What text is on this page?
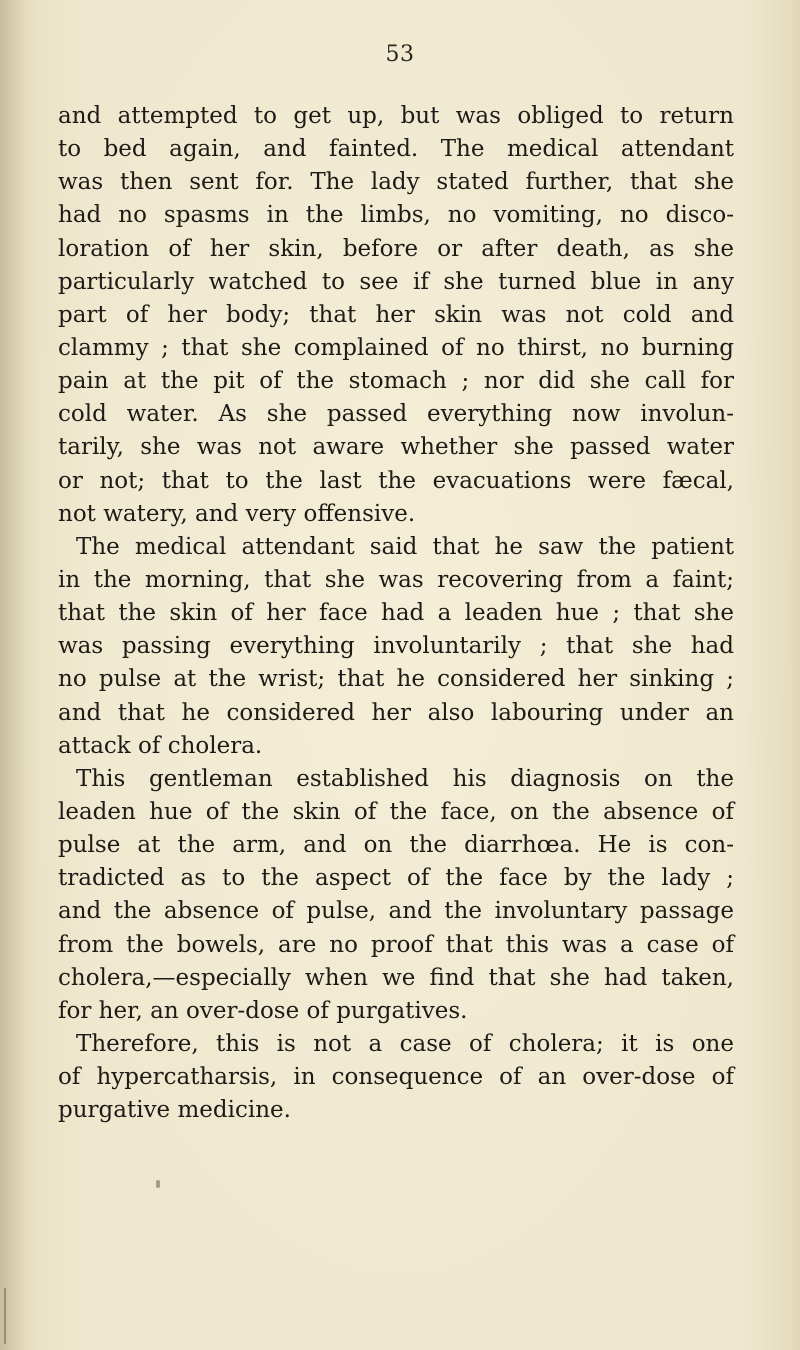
53
and attempted to get up, but was obliged to return
to bed again, and fainted. The medical attendant
was then sent for. The lady stated further, that she
had no spasms in the limbs, no vomiting, no disco-
loration of her skin, before or after death, as she
particularly watched to see if she turned blue in any
part of her body; that her skin was not cold and
clammy ; that she complained of no thirst, no burning
pain at the pit of the stomach ; nor did she call for
cold water. As she passed everything now involun-
tarily, she was not aware whether she passed water
or not; that to the last the evacuations were fæcal,
not watery, and very offensive.
The medical attendant said that he saw the patient
in the morning, that she was recovering from a faint;
that the skin of her face had a leaden hue ; that she
was passing everything involuntarily ; that she had
no pulse at the wrist; that he considered her sinking ;
and that he considered her also labouring under an
attack of cholera.
This gentleman established his diagnosis on the
leaden hue of the skin of the face, on the absence of
pulse at the arm, and on the diarrhœa. He is con-
tradicted as to the aspect of the face by the lady ;
and the absence of pulse, and the involuntary passage
from the bowels, are no proof that this was a case of
cholera,—especially when we find that she had taken,
for her, an over-dose of purgatives.
Therefore, this is not a case of cholera; it is one
of hypercatharsis, in consequence of an over-dose of
purgative medicine.
